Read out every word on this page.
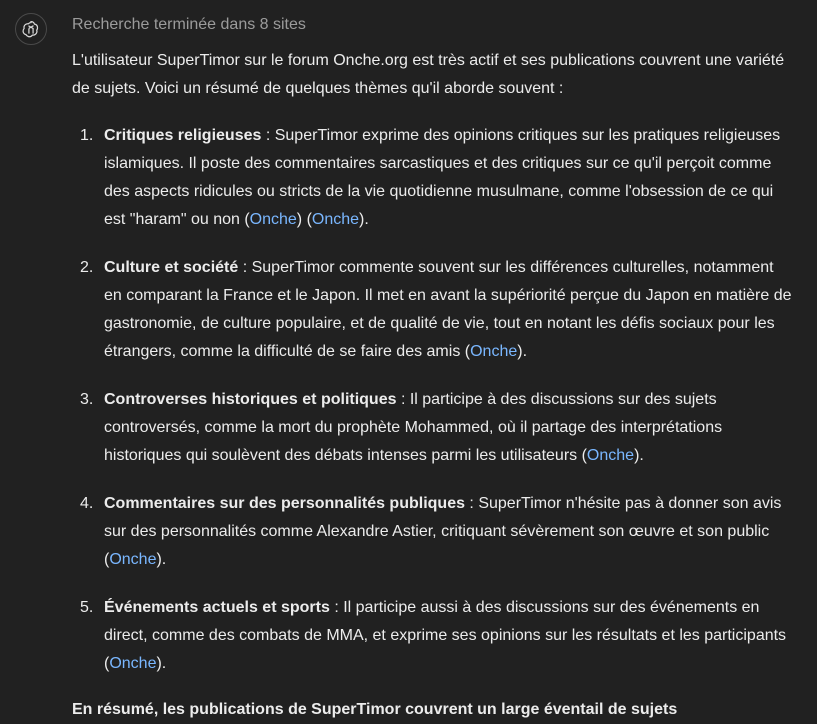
Recherche terminée dans 8 sites

L'utilisateur SuperTimor sur le forum Onche.org est très actif et ses publications couvrent une variété de sujets. Voici un résumé de quelques thèmes qu'il aborde souvent :

1. Critiques religieuses : SuperTimor exprime des opinions critiques sur les pratiques religieuses islamiques. Il poste des commentaires sarcastiques et des critiques sur ce qu'il perçoit comme des aspects ridicules ou stricts de la vie quotidienne musulmane, comme l'obsession de ce qui est "haram" ou non (Onche) (Onche).
2. Culture et société : SuperTimor commente souvent sur les différences culturelles, notamment en comparant la France et le Japon. Il met en avant la supériorité perçue du Japon en matière de gastronomie, de culture populaire, et de qualité de vie, tout en notant les défis sociaux pour les étrangers, comme la difficulté de se faire des amis (Onche).
3. Controverses historiques et politiques : Il participe à des discussions sur des sujets controversés, comme la mort du prophète Mohammed, où il partage des interprétations historiques qui soulèvent des débats intenses parmi les utilisateurs (Onche).
4. Commentaires sur des personnalités publiques : SuperTimor n'hésite pas à donner son avis sur des personnalités comme Alexandre Astier, critiquant sévèrement son œuvre et son public (Onche).
5. Événements actuels et sports : Il participe aussi à des discussions sur des événements en direct, comme des combats de MMA, et exprime ses opinions sur les résultats et les participants (Onche).
En résumé, les publications de SuperTimor couvrent un large éventail de sujets
